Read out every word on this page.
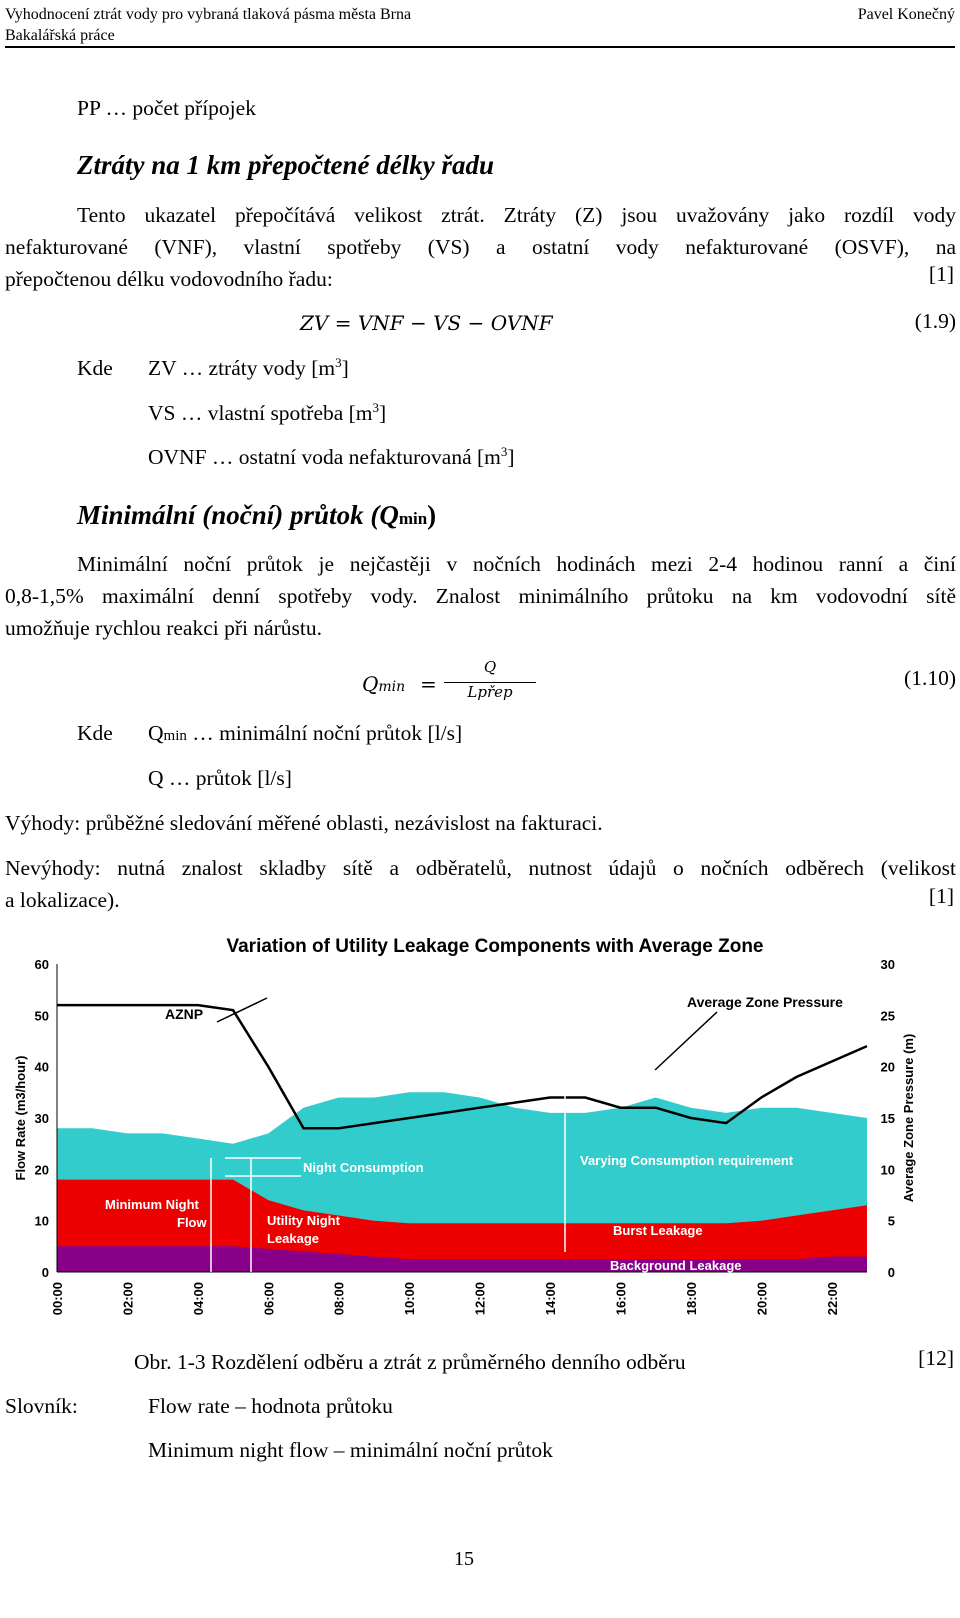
Vyhodnocení ztrát vody pro vybraná tlaková pásma města Brna
Bakalářská práce
Pavel Konečný
PP … počet přípojek
Ztráty na 1 km přepočtené délky řadu
Tento ukazatel přepočítává velikost ztrát. Ztráty (Z) jsou uvažovány jako rozdíl vody
nefakturované (VNF), vlastní spotřeby (VS) a ostatní vody nefakturované (OSVF), na
přepočtenou délku vodovodního řadu:	[1]
ZV = VNF − VS − OVNF	(1.9)
Kde ZV … ztráty vody $[m^3]$
VS … vlastní spotřeba $[m^3]$
OVNF … ostatní voda nefakturovaná $[m^3]$
Minimální (noční) průtok (Qmin)
Minimální noční průtok je nejčastěji v nočních hodinách mezi 2-4 hodinou ranní a činí
0,8-1,5% maximální denní spotřeby vody. Znalost minimálního průtoku na km vodovodní sítě
umožňuje rychlou reakci při nárůstu.
Qmin =
Q
Lpřep
(1.10)
Kde Qmin … minimální noční průtok [l/s]
Q … průtok [l/s]
Výhody: průběžné sledování měřené oblasti, nezávislost na fakturaci.
Nevýhody: nutná znalost skladby sítě a odběratelů, nutnost údajů o nočních odběrech (velikost
a lokalizace).	[1]
Variation of Utility Leakage Components with Average Zone
0
10
20
30
40
50
60
0
5
10
15
20
25
30
00:00	02:00	04:00	06:00	08:00	10:00	12:00	14:00	16:00	18:00	20:00	22:00
Flow Rate (m3/hour)	Average Zone Pressure (m)
AZNP
Average Zone Pressure
Night Consumption	Varying Consumption requirement
Minimum Night
Flow	Utility Night
Leakage
Burst Leakage
Background Leakage
Obr. 1-3 Rozdělení odběru a ztrát z průměrného denního odběru	[12]
Slovník:	Flow rate – hodnota průtoku
Minimum night flow – minimální noční průtok
15
